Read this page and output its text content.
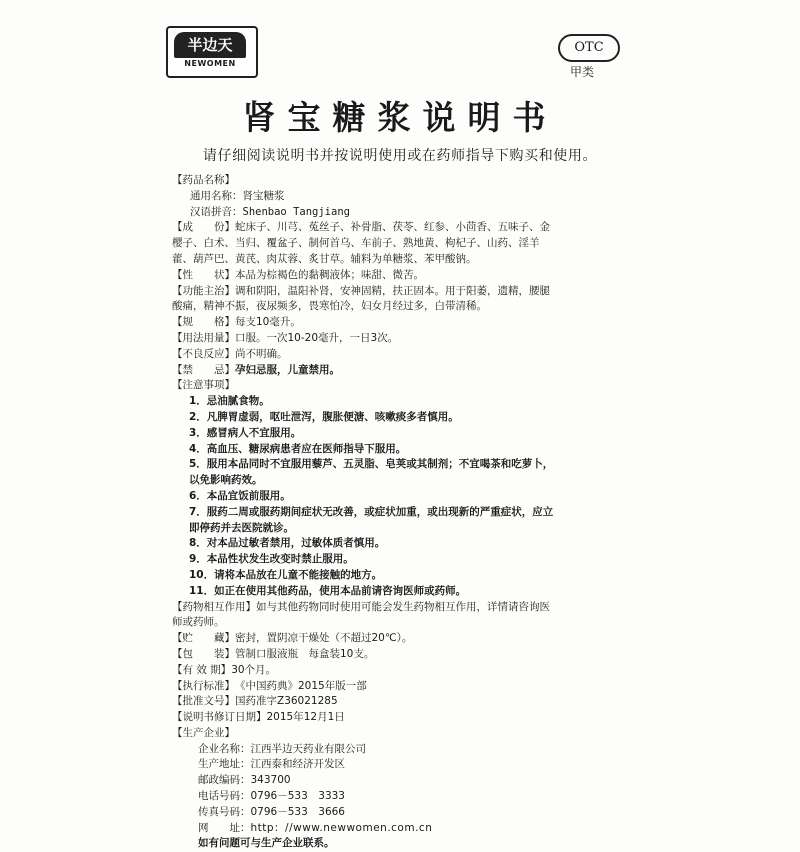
半边天
NEWOMEN
OTC
甲类
肾宝糖浆说明书
请仔细阅读说明书并按说明使用或在药师指导下购买和使用。
【药品名称】
通用名称： 肾宝糖浆
汉语拼音： Shenbao Tangjiang
【成　　份】 蛇床子、川芎、菟丝子、补骨脂、茯苓、红参、小茴香、五味子、金
樱子、白术、当归、覆盆子、制何首乌、车前子、熟地黄、枸杞子、山药、淫羊
藿、葫芦巴、黄芪、肉苁蓉、炙甘草。辅料为单糖浆、苯甲酸钠。
【性　　状】 本品为棕褐色的黏稠液体；味甜、微苦。
【功能主治】 调和阴阳，温阳补肾，安神固精，扶正固本。用于阳萎，遗精，腰腿
酸痛，精神不振，夜尿频多，畏寒怕冷，妇女月经过多，白带清稀。
【规　　格】 每支10毫升。
【用法用量】 口服。一次10-20毫升，一日3次。
【不良反应】 尚不明确。
【禁　　忌】 孕妇忌服，儿童禁用。
【注意事项】
1．忌油腻食物。
2．凡脾胃虚弱，呕吐泄泻，腹胀便溏、咳嗽痰多者慎用。
3．感冒病人不宜服用。
4．高血压、糖尿病患者应在医师指导下服用。
5．服用本品同时不宜服用藜芦、五灵脂、皂荚或其制剂；不宜喝茶和吃萝卜，
以免影响药效。
6．本品宜饭前服用。
7．服药二周或服药期间症状无改善，或症状加重，或出现新的严重症状，应立
即停药并去医院就诊。
8．对本品过敏者禁用，过敏体质者慎用。
9．本品性状发生改变时禁止服用。
10．请将本品放在儿童不能接触的地方。
11．如正在使用其他药品，使用本品前请咨询医师或药师。
【药物相互作用】 如与其他药物同时使用可能会发生药物相互作用，详情请咨询医
师或药师。
【贮　　藏】 密封，置阴凉干燥处（不超过20℃）。
【包　　装】 管制口服液瓶　每盒装10支。
【有 效 期】 30个月。
【执行标准】 《中国药典》2015年版一部
【批准文号】 国药准字Z36021285
【说明书修订日期】 2015年12月1日
【生产企业】
企业名称： 江西半边天药业有限公司
生产地址： 江西泰和经济开发区
邮政编码： 343700
电话号码： 0796－533　3333
传真号码： 0796－533　3666
网　　址： http：//www.newwomen.com.cn
如有问题可与生产企业联系。
